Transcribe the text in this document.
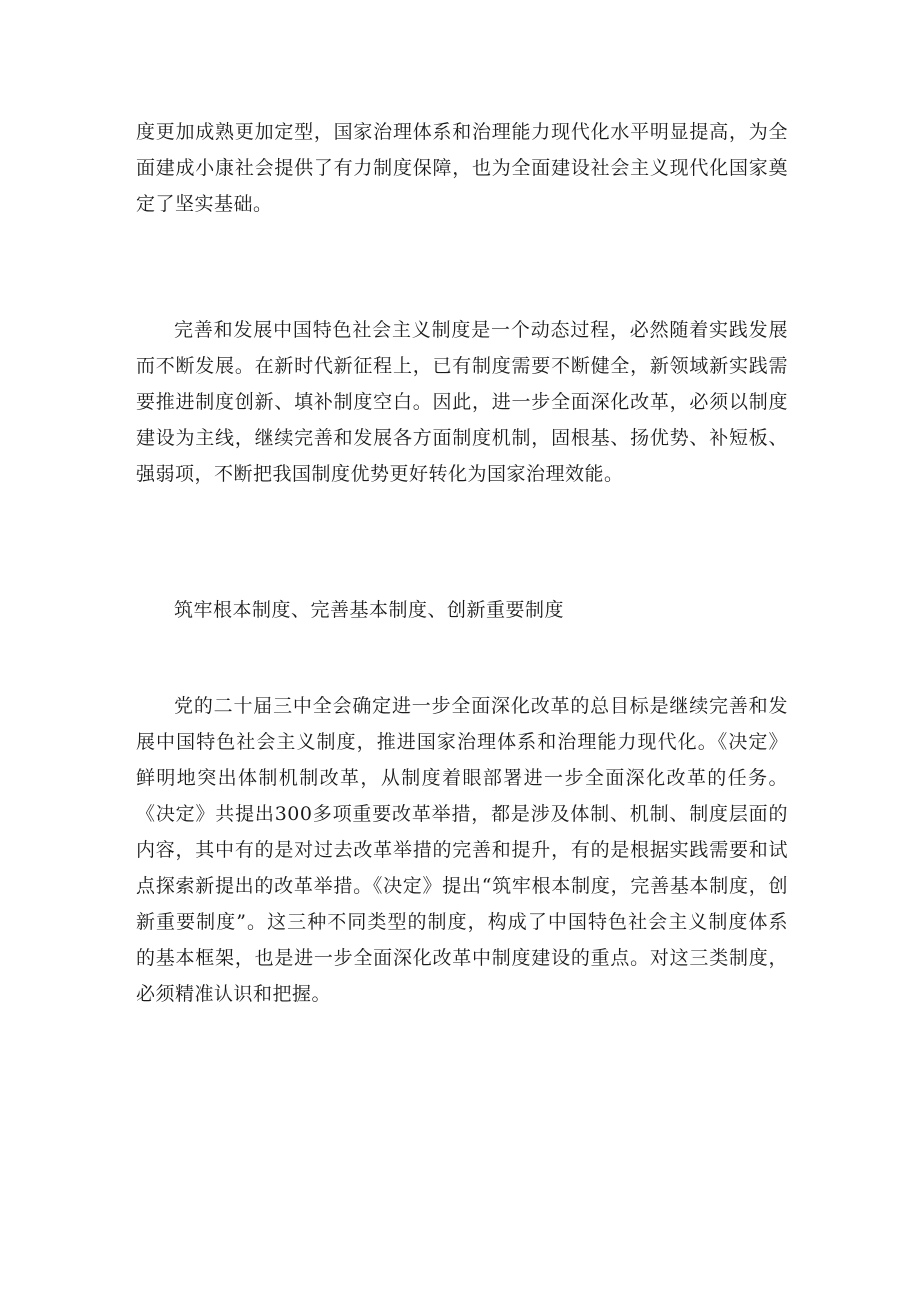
度更加成熟更加定型，国家治理体系和治理能力现代化水平明显提高，为全面建成小康社会提供了有力制度保障，也为全面建设社会主义现代化国家奠定了坚实基础。

完善和发展中国特色社会主义制度是一个动态过程，必然随着实践发展而不断发展。在新时代新征程上，已有制度需要不断健全，新领域新实践需要推进制度创新、填补制度空白。因此，进一步全面深化改革，必须以制度建设为主线，继续完善和发展各方面制度机制，固根基、扬优势、补短板、强弱项，不断把我国制度优势更好转化为国家治理效能。

筑牢根本制度、完善基本制度、创新重要制度

党的二十届三中全会确定进一步全面深化改革的总目标是继续完善和发展中国特色社会主义制度，推进国家治理体系和治理能力现代化。《决定》鲜明地突出体制机制改革，从制度着眼部署进一步全面深化改革的任务。《决定》共提出300多项重要改革举措，都是涉及体制、机制、制度层面的内容，其中有的是对过去改革举措的完善和提升，有的是根据实践需要和试点探索新提出的改革举措。《决定》提出“筑牢根本制度，完善基本制度，创新重要制度”。这三种不同类型的制度，构成了中国特色社会主义制度体系的基本框架，也是进一步全面深化改革中制度建设的重点。对这三类制度，必须精准认识和把握。
